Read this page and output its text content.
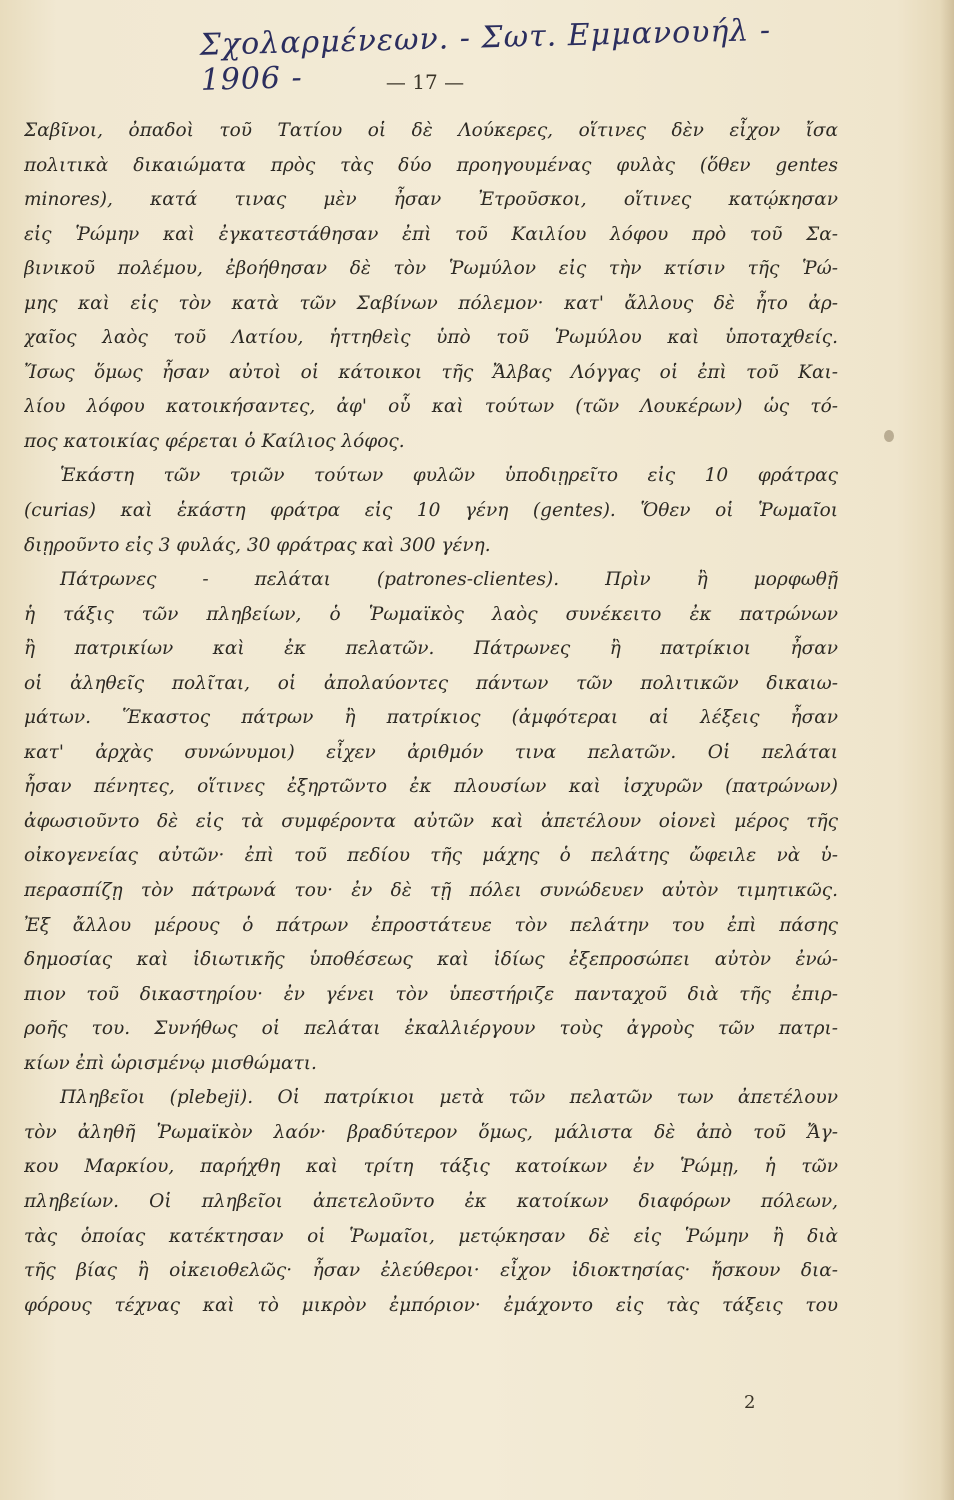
Σχολαρμένεων. - Σωτ. Εμμανουήλ - 1906 -	— 17 —
Σαβῖνοι, ὀπαδοὶ τοῦ Τατίου οἱ δὲ Λούκερες, οἵτινες δὲν εἶχον ἴσα
πολιτικὰ δικαιώματα πρὸς τὰς δύο προηγουμένας φυλὰς (ὅθεν gentes
minores), κατά τινας μὲν ἦσαν Ἐτροῦσκοι, οἵτινες κατῴκησαν
εἰς Ῥώμην καὶ ἐγκατεστάθησαν ἐπὶ τοῦ Καιλίου λόφου πρὸ τοῦ Σα-
βινικοῦ πολέμου, ἐβοήθησαν δὲ τὸν Ῥωμύλον εἰς τὴν κτίσιν τῆς Ῥώ-
μης καὶ εἰς τὸν κατὰ τῶν Σαβίνων πόλεμον· κατ' ἄλλους δὲ ἦτο ἀρ-
χαῖος λαὸς τοῦ Λατίου, ἡττηθεὶς ὑπὸ τοῦ Ῥωμύλου καὶ ὑποταχθείς.
Ἴσως ὅμως ἦσαν αὐτοὶ οἱ κάτοικοι τῆς Ἄλβας Λόγγας οἱ ἐπὶ τοῦ Και-
λίου λόφου κατοικήσαντες, ἀφ' οὗ καὶ τούτων (τῶν Λουκέρων) ὡς τό-
πος κατοικίας φέρεται ὁ Καίλιος λόφος.
Ἑκάστη τῶν τριῶν τούτων φυλῶν ὑποδιῃρεῖτο εἰς 10 φράτρας
(curias) καὶ ἑκάστη φράτρα εἰς 10 γένη (gentes). Ὅθεν οἱ Ῥωμαῖοι
διῃροῦντο εἰς 3 φυλάς, 30 φράτρας καὶ 300 γένη.
Πάτρωνες - πελάται (patrones-clientes). Πρὶν ἢ μορφωθῇ
ἡ τάξις τῶν πληβείων, ὁ Ῥωμαϊκὸς λαὸς συνέκειτο ἐκ πατρώνων
ἢ πατρικίων καὶ ἐκ πελατῶν. Πάτρωνες ἢ πατρίκιοι ἦσαν
οἱ ἀληθεῖς πολῖται, οἱ ἀπολαύοντες πάντων τῶν πολιτικῶν δικαιω-
μάτων. Ἕκαστος πάτρων ἢ πατρίκιος (ἀμφότεραι αἱ λέξεις ἦσαν
κατ' ἀρχὰς συνώνυμοι) εἶχεν ἀριθμόν τινα πελατῶν. Οἱ πελάται
ἦσαν πένητες, οἵτινες ἐξηρτῶντο ἐκ πλουσίων καὶ ἰσχυρῶν (πατρώνων)
ἀφωσιοῦντο δὲ εἰς τὰ συμφέροντα αὐτῶν καὶ ἀπετέλουν οἱονεὶ μέρος τῆς
οἰκογενείας αὐτῶν· ἐπὶ τοῦ πεδίου τῆς μάχης ὁ πελάτης ὤφειλε νὰ ὑ-
περασπίζῃ τὸν πάτρωνά του· ἐν δὲ τῇ πόλει συνώδευεν αὐτὸν τιμητικῶς.
Ἐξ ἄλλου μέρους ὁ πάτρων ἐπροστάτευε τὸν πελάτην του ἐπὶ πάσης
δημοσίας καὶ ἰδιωτικῆς ὑποθέσεως καὶ ἰδίως ἐξεπροσώπει αὐτὸν ἐνώ-
πιον τοῦ δικαστηρίου· ἐν γένει τὸν ὑπεστήριζε πανταχοῦ διὰ τῆς ἐπιρ-
ροῆς του. Συνήθως οἱ πελάται ἐκαλλιέργουν τοὺς ἀγροὺς τῶν πατρι-
κίων ἐπὶ ὡρισμένῳ μισθώματι.
Πληβεῖοι (plebeji). Οἱ πατρίκιοι μετὰ τῶν πελατῶν των ἀπετέλουν
τὸν ἀληθῆ Ῥωμαϊκὸν λαόν· βραδύτερον ὅμως, μάλιστα δὲ ἀπὸ τοῦ Ἄγ-
κου Μαρκίου, παρήχθη καὶ τρίτη τάξις κατοίκων ἐν Ῥώμῃ, ἡ τῶν
πληβείων. Οἱ πληβεῖοι ἀπετελοῦντο ἐκ κατοίκων διαφόρων πόλεων,
τὰς ὁποίας κατέκτησαν οἱ Ῥωμαῖοι, μετῴκησαν δὲ εἰς Ῥώμην ἢ διὰ
τῆς βίας ἢ οἰκειοθελῶς· ἦσαν ἐλεύθεροι· εἶχον ἰδιοκτησίας· ἤσκουν δια-
φόρους τέχνας καὶ τὸ μικρὸν ἐμπόριον· ἐμάχοντο εἰς τὰς τάξεις του
2
